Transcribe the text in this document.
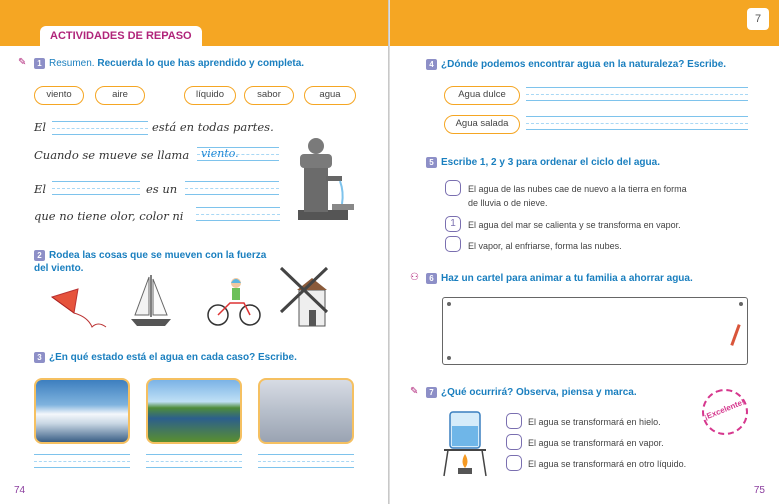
ACTIVIDADES DE REPASO
✎	1 Resumen. Recuerda lo que has aprendido y completa.
viento	aire	líquido	sabor	agua
El	está en todas partes.
Cuando se mueve se llama viento.
El	es un
que no tiene olor, color ni
2 Rodea las cosas que se mueven con la fuerza del viento.
3 ¿En qué estado está el agua en cada caso? Escribe.
74
7
4 ¿Dónde podemos encontrar agua en la naturaleza? Escribe.
Agua dulce
Agua salada
5 Escribe 1, 2 y 3 para ordenar el ciclo del agua.
El agua de las nubes cae de nuevo a la tierra en forma de lluvia o de nieve.
1	El agua del mar se calienta y se transforma en vapor.
El vapor, al enfriarse, forma las nubes.
⚇	6 Haz un cartel para animar a tu familia a ahorrar agua.
✎	7 ¿Qué ocurrirá? Observa, piensa y marca.
El agua se transformará en hielo.
El agua se transformará en vapor.
El agua se transformará en otro líquido.
¡Excelente!
75
